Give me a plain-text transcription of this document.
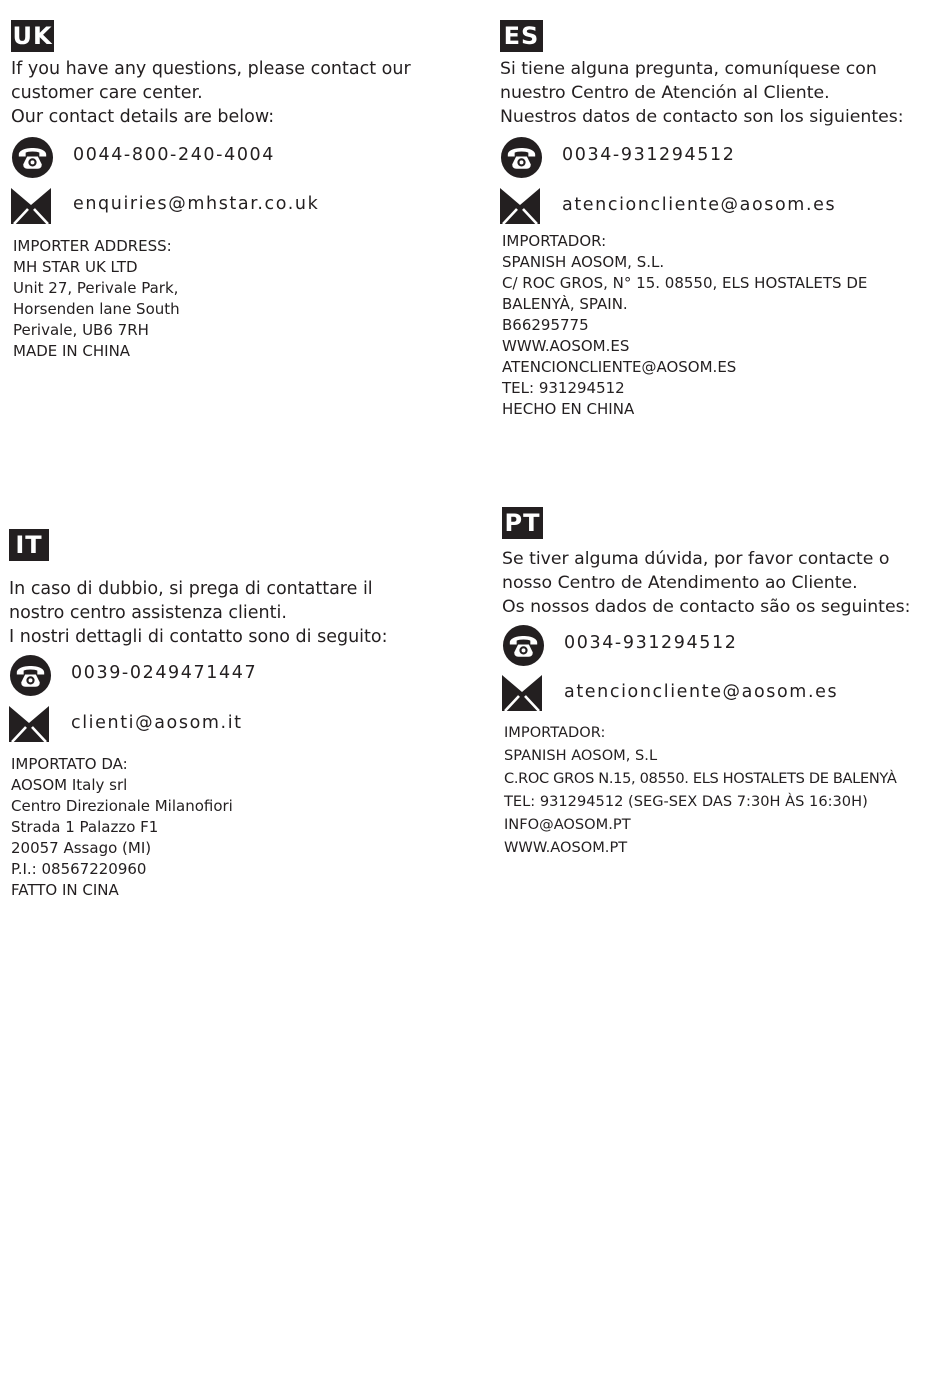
UK
If you have any questions, please contact our
customer care center.
Our contact details are below:
0044-800-240-4004
enquiries@mhstar.co.uk
IMPORTER ADDRESS:
MH STAR UK LTD
Unit 27, Perivale Park,
Horsenden lane South
Perivale, UB6 7RH
MADE IN CHINA
ES
Si tiene alguna pregunta, comuníquese con
nuestro Centro de Atención al Cliente.
Nuestros datos de contacto son los siguientes:
0034-931294512
atencioncliente@aosom.es
IMPORTADOR:
SPANISH AOSOM, S.L.
C/ ROC GROS, N° 15. 08550, ELS HOSTALETS DE
BALENYÀ, SPAIN.
B66295775
WWW.AOSOM.ES
ATENCIONCLIENTE@AOSOM.ES
TEL: 931294512
HECHO EN CHINA
IT
In caso di dubbio, si prega di contattare il
nostro centro assistenza clienti.
I nostri dettagli di contatto sono di seguito:
0039-0249471447
clienti@aosom.it
IMPORTATO DA:
AOSOM Italy srl
Centro Direzionale Milanofiori
Strada 1 Palazzo F1
20057 Assago (MI)
P.I.: 08567220960
FATTO IN CINA
PT
Se tiver alguma dúvida, por favor contacte o
nosso Centro de Atendimento ao Cliente.
Os nossos dados de contacto são os seguintes:
0034-931294512
atencioncliente@aosom.es
IMPORTADOR:
SPANISH AOSOM, S.L
C.ROC GROS N.15, 08550. ELS HOSTALETS DE BALENYÀ
TEL: 931294512 (SEG-SEX DAS 7:30H ÀS 16:30H)
INFO@AOSOM.PT
WWW.AOSOM.PT
